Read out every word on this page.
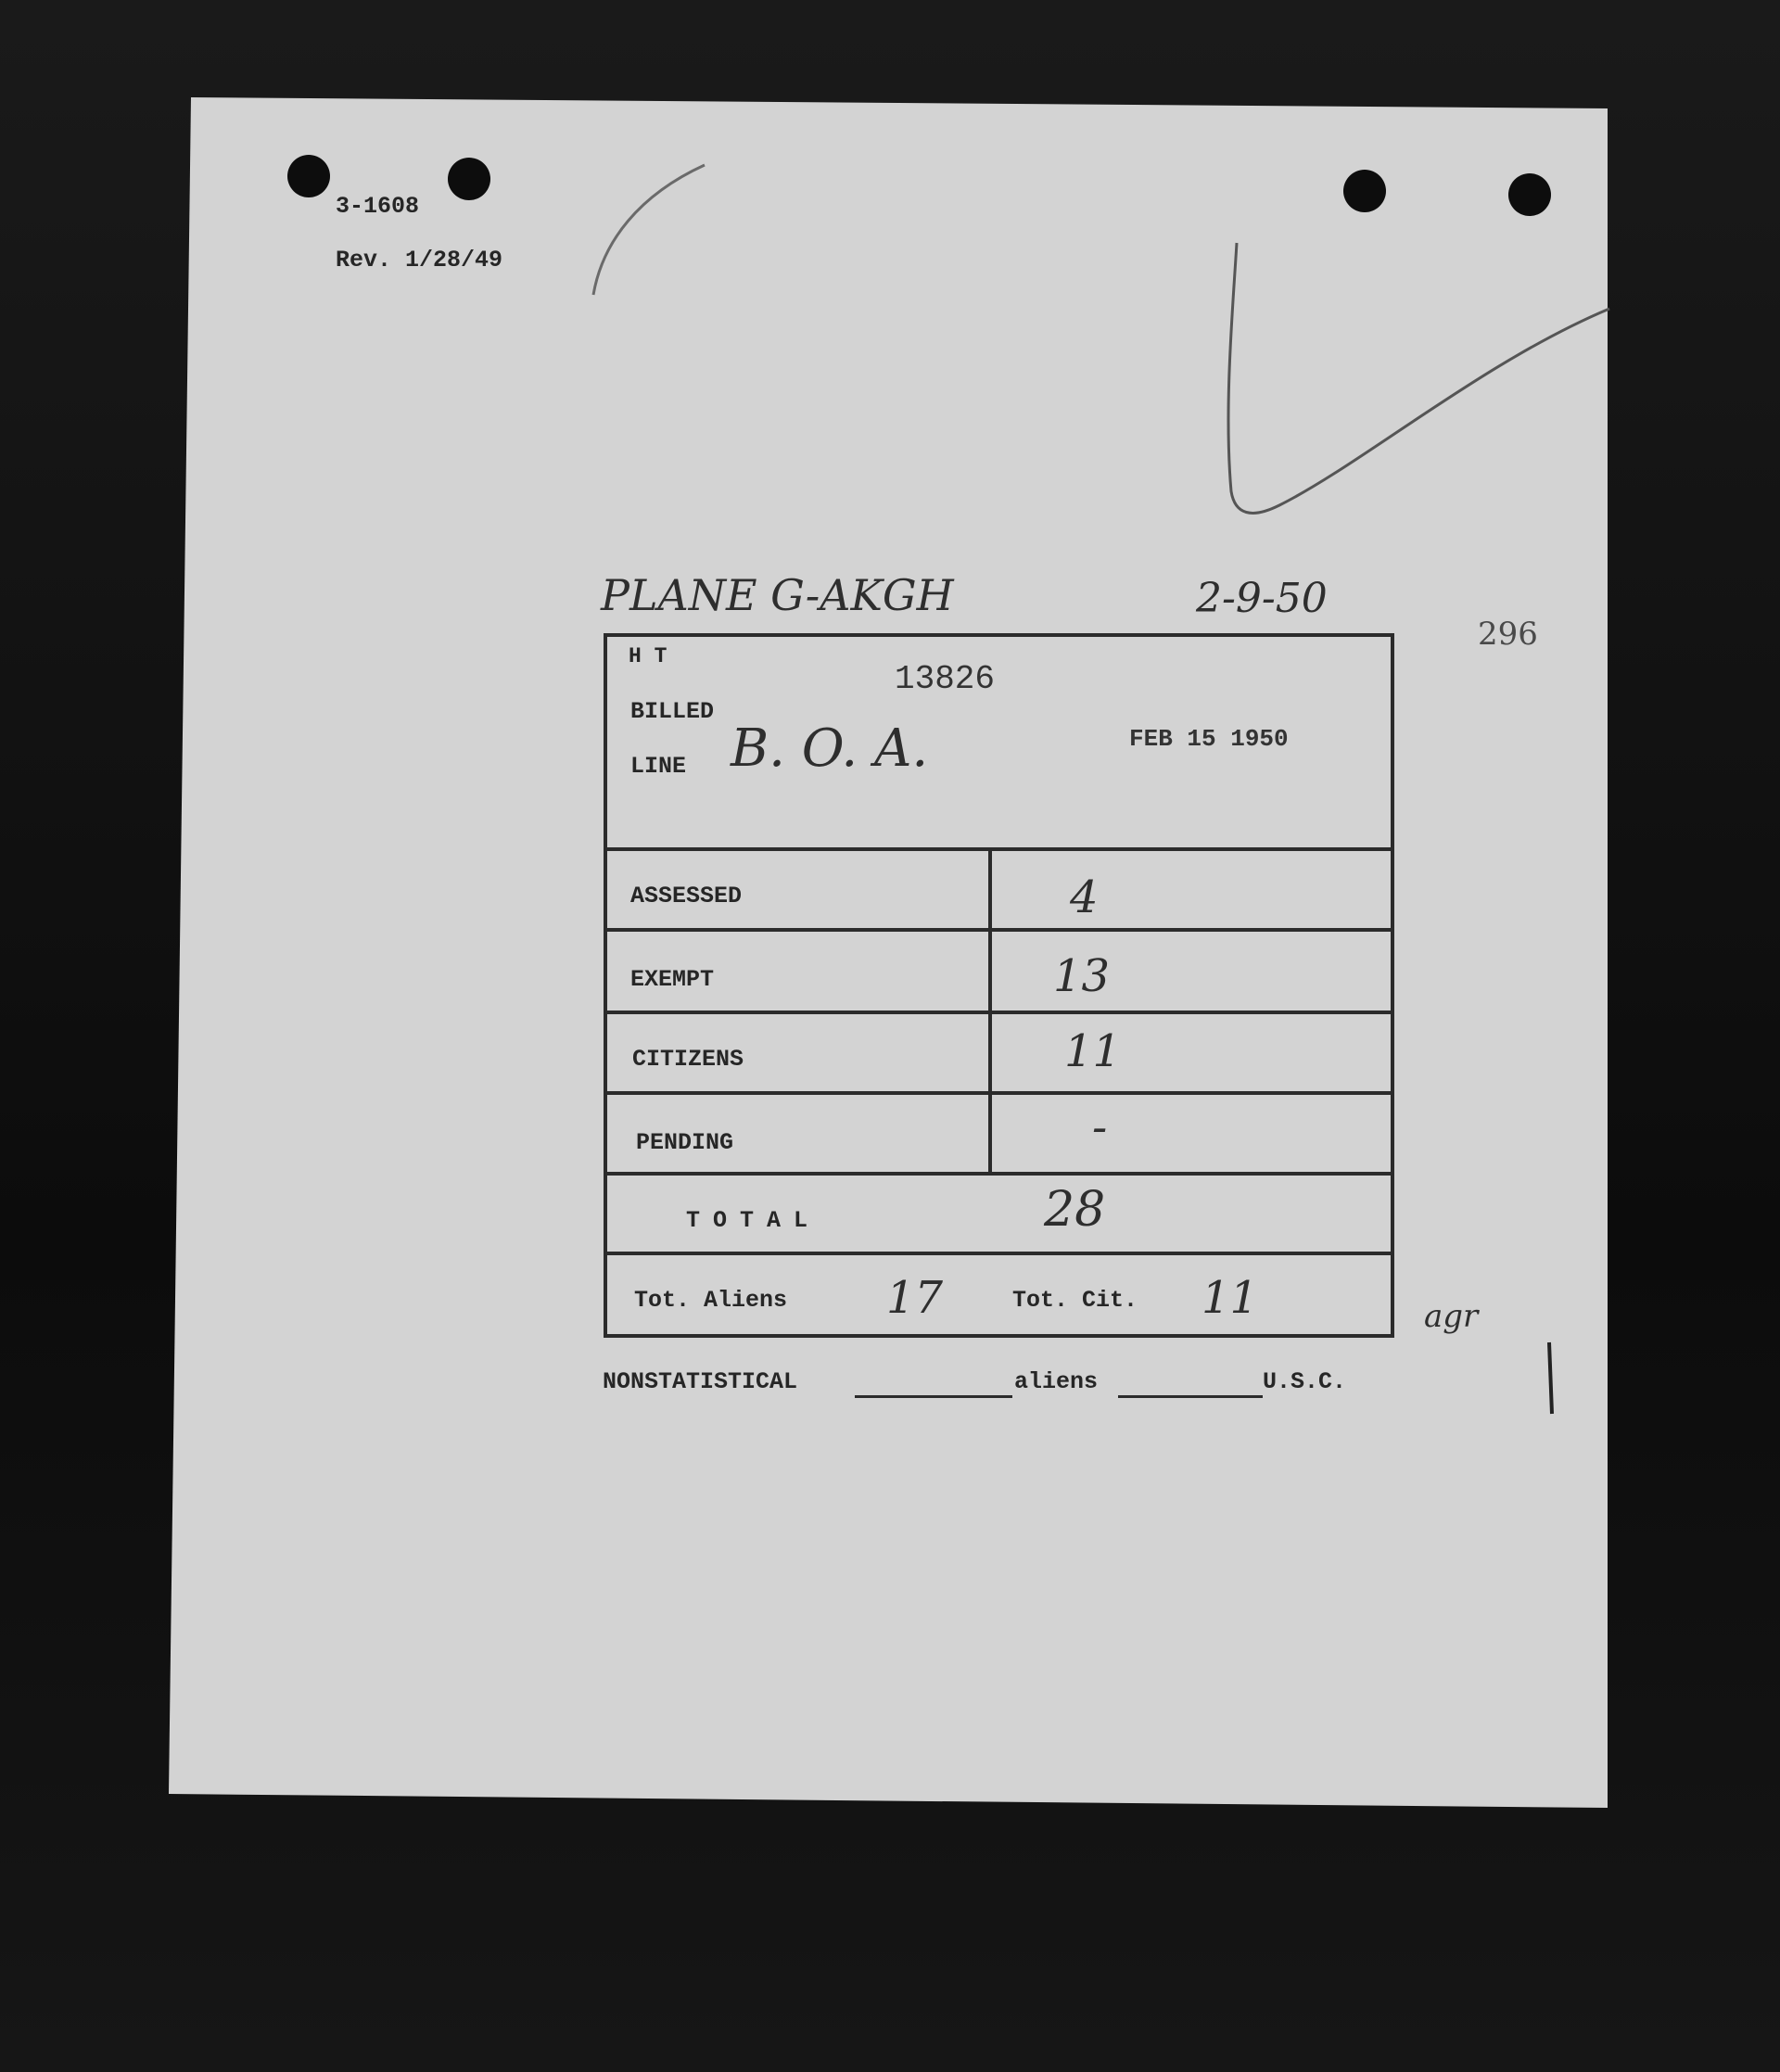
3-1608
Rev. 1/28/49
296
PLANE G-AKGH	2-9-50
H T
13826
BILLED
LINE B. O. A.	FEB 15 1950
ASSESSED	4
EXEMPT	13
CITIZENS	11
PENDING	-
TOTAL	28
Tot. Aliens 17	Tot. Cit. 11	agr
NONSTATISTICAL	aliens	U.S.C.
